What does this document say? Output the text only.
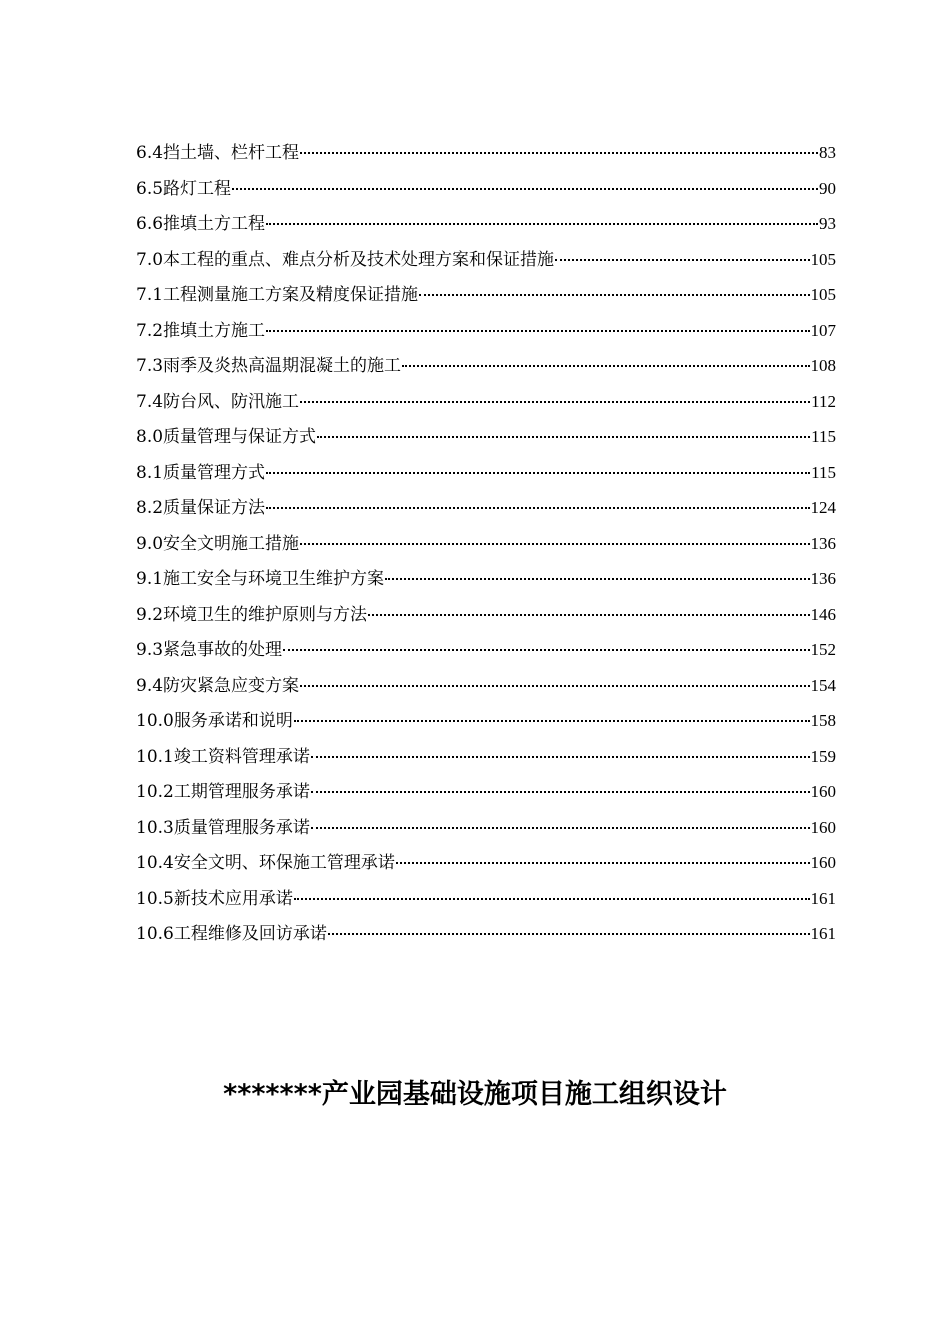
6.4挡土墙、栏杆工程	83
6.5路灯工程	90
6.6推填土方工程	93
7.0本工程的重点、难点分析及技术处理方案和保证措施	105
7.1工程测量施工方案及精度保证措施	105
7.2推填土方施工	107
7.3雨季及炎热高温期混凝土的施工	108
7.4防台风、防汛施工	112
8.0质量管理与保证方式	115
8.1质量管理方式	115
8.2质量保证方法	124
9.0安全文明施工措施	136
9.1施工安全与环境卫生维护方案	136
9.2环境卫生的维护原则与方法	146
9.3紧急事故的处理	152
9.4防灾紧急应变方案	154
10.0服务承诺和说明	158
10.1竣工资料管理承诺	159
10.2工期管理服务承诺	160
10.3质量管理服务承诺	160
10.4安全文明、环保施工管理承诺	160
10.5新技术应用承诺	161
10.6工程维修及回访承诺	161
*******产业园基础设施项目施工组织设计
